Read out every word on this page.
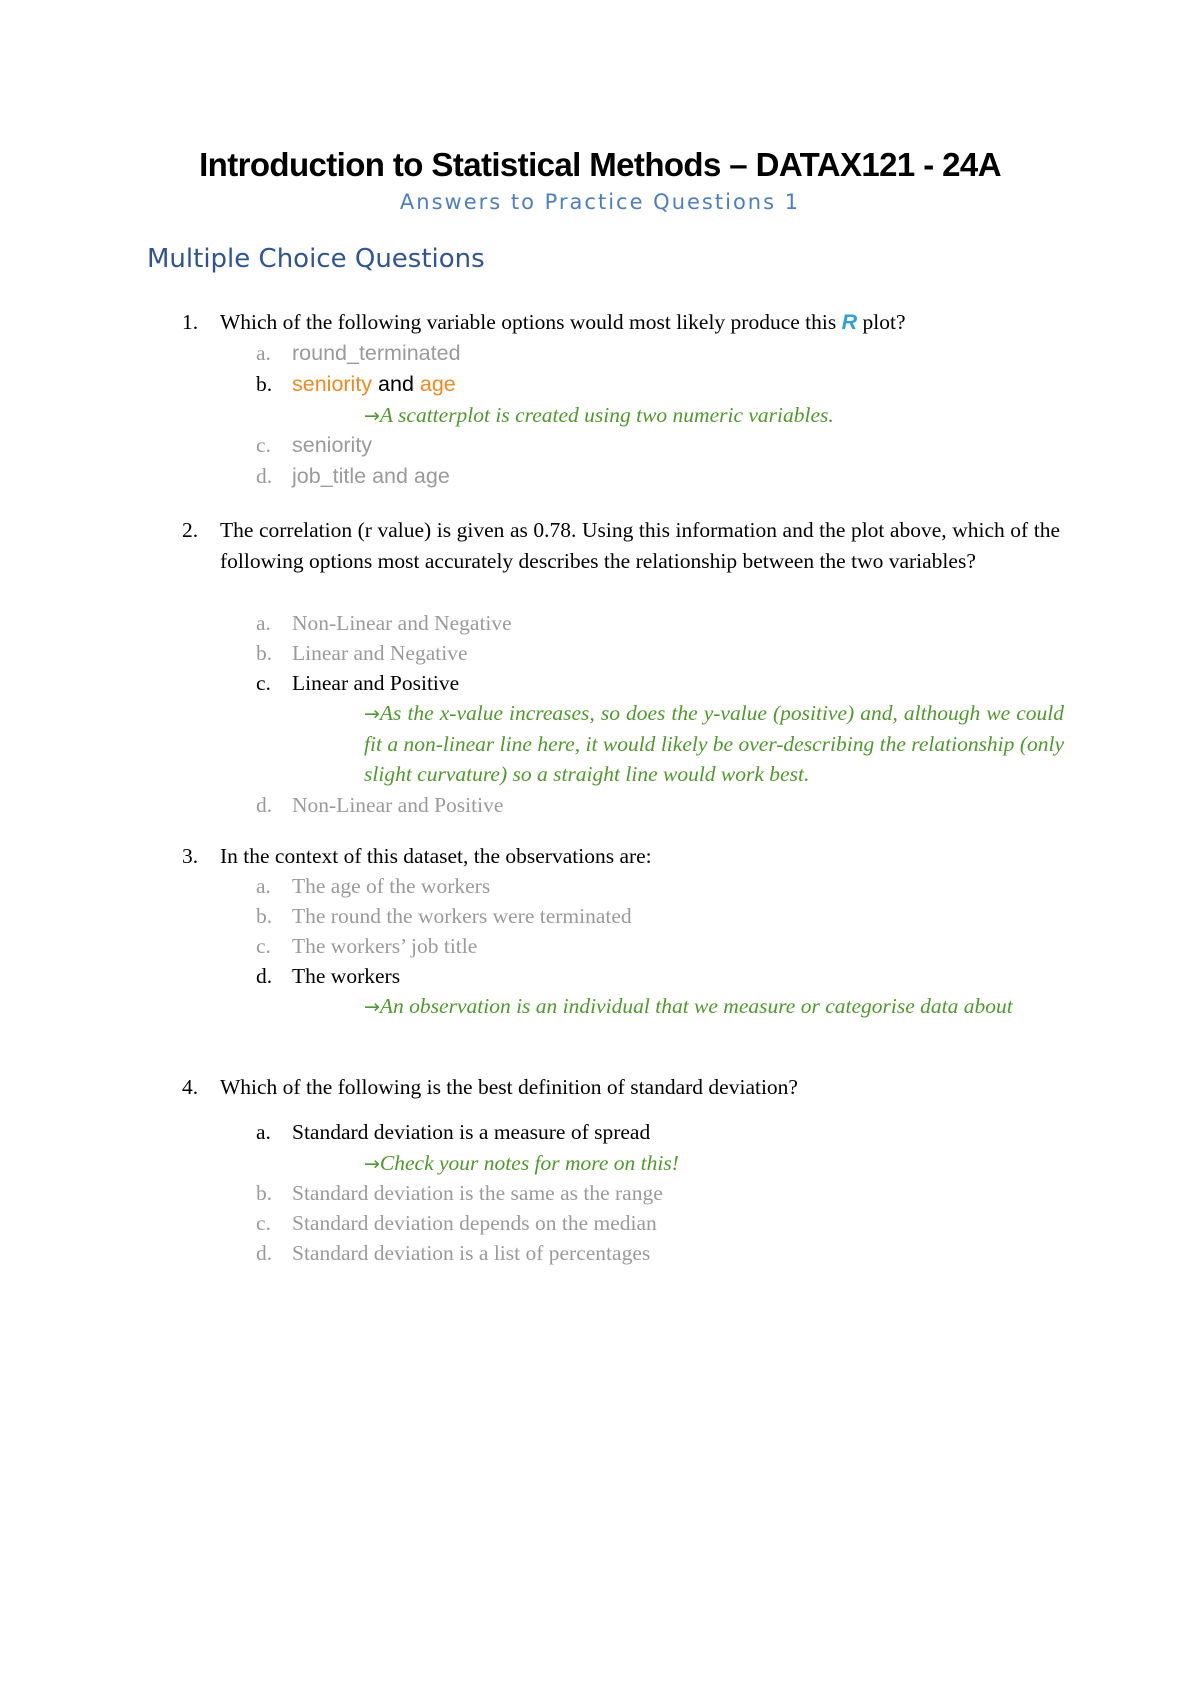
Introduction to Statistical Methods – DATAX121 - 24A
Answers to Practice Questions 1
Multiple Choice Questions
1. Which of the following variable options would most likely produce this R plot?
a. round_terminated
b. seniority and age
→A scatterplot is created using two numeric variables.
c. seniority
d. job_title and age
2. The correlation (r value) is given as 0.78. Using this information and the plot above, which of the following options most accurately describes the relationship between the two variables?
a. Non-Linear and Negative
b. Linear and Negative
c. Linear and Positive
→As the x-value increases, so does the y-value (positive) and, although we could fit a non-linear line here, it would likely be over-describing the relationship (only slight curvature) so a straight line would work best.
d. Non-Linear and Positive
3. In the context of this dataset, the observations are:
a. The age of the workers
b. The round the workers were terminated
c. The workers’ job title
d. The workers
→An observation is an individual that we measure or categorise data about
4. Which of the following is the best definition of standard deviation?
a. Standard deviation is a measure of spread
→Check your notes for more on this!
b. Standard deviation is the same as the range
c. Standard deviation depends on the median
d. Standard deviation is a list of percentages
